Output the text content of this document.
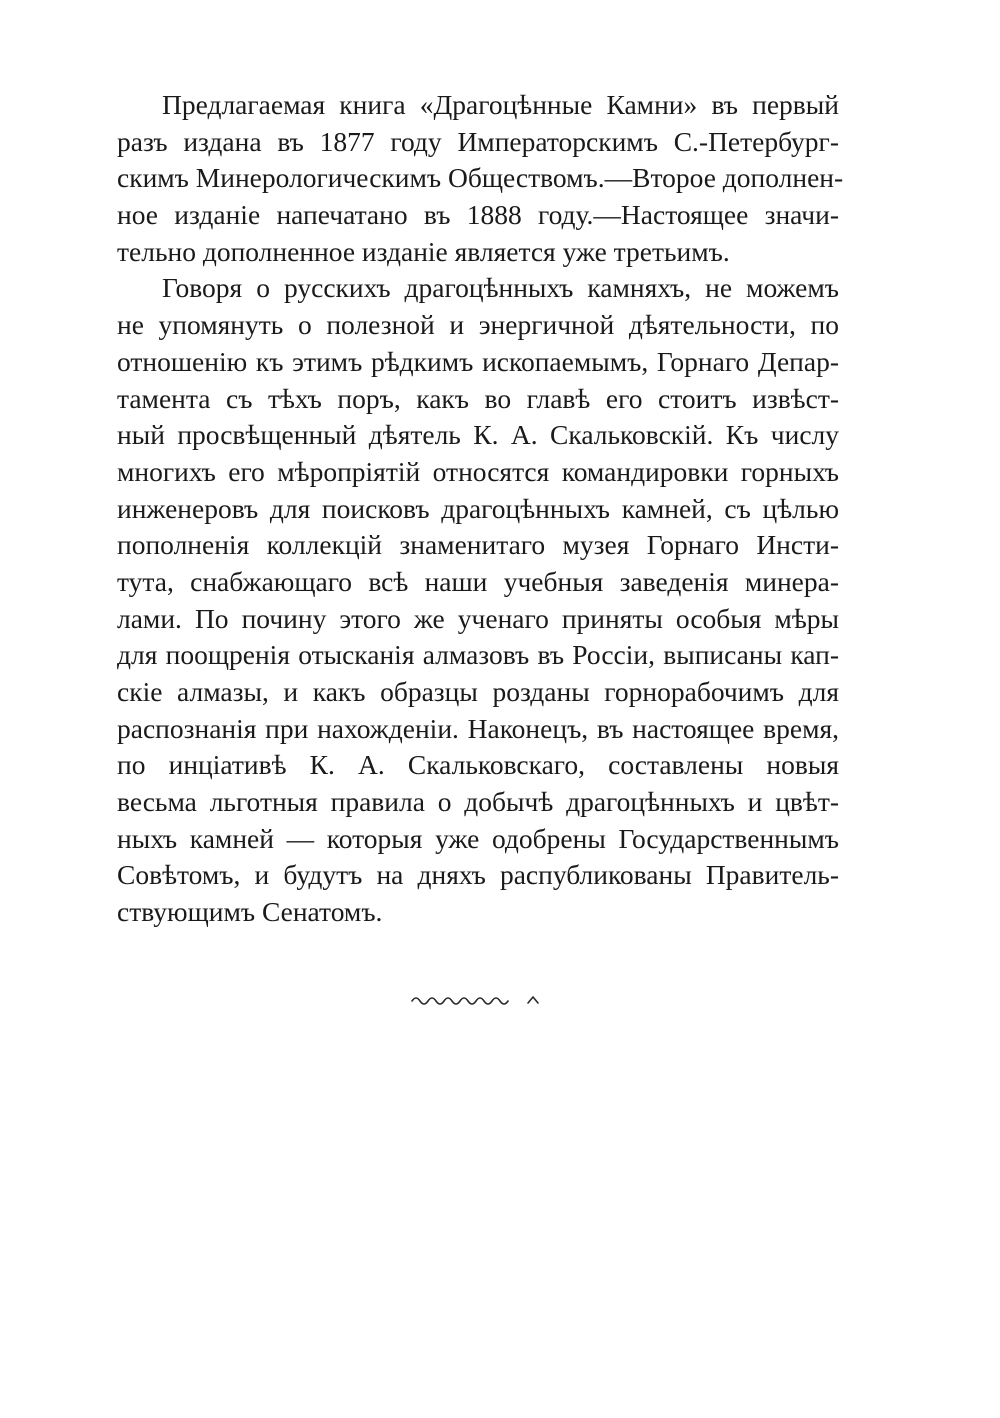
Предлагаемая книга «Драгоцѣнные Камни» въ первый
разъ издана въ 1877 году Императорскимъ С.-Петербург-
скимъ Минерологическимъ Обществомъ.—Второе дополнен-
ное изданіе напечатано въ 1888 году.—Настоящее значи-
тельно дополненное изданіе является уже третьимъ.
Говоря о русскихъ драгоцѣнныхъ камняхъ, не можемъ
не упомянуть о полезной и энергичной дѣятельности, по
отношенію къ этимъ рѣдкимъ ископаемымъ, Горнаго Депар-
тамента съ тѣхъ поръ, какъ во главѣ его стоитъ извѣст-
ный просвѣщенный дѣятель К. А. Скальковскій. Къ числу
многихъ его мѣропріятій относятся командировки горныхъ
инженеровъ для поисковъ драгоцѣнныхъ камней, съ цѣлью
пополненія коллекцій знаменитаго музея Горнаго Инсти-
тута, снабжающаго всѣ наши учебныя заведенія минера-
лами. По почину этого же ученаго приняты особыя мѣры
для поощренія отысканія алмазовъ въ Россіи, выписаны кап-
скіе алмазы, и какъ образцы розданы горнорабочимъ для
распознанія при нахожденіи. Наконецъ, въ настоящее время,
по инціативѣ К. А. Скальковскаго, составлены новыя
весьма льготныя правила о добычѣ драгоцѣнныхъ и цвѣт-
ныхъ камней — которыя уже одобрены Государственнымъ
Совѣтомъ, и будутъ на дняхъ распубликованы Правитель-
ствующимъ Сенатомъ.
